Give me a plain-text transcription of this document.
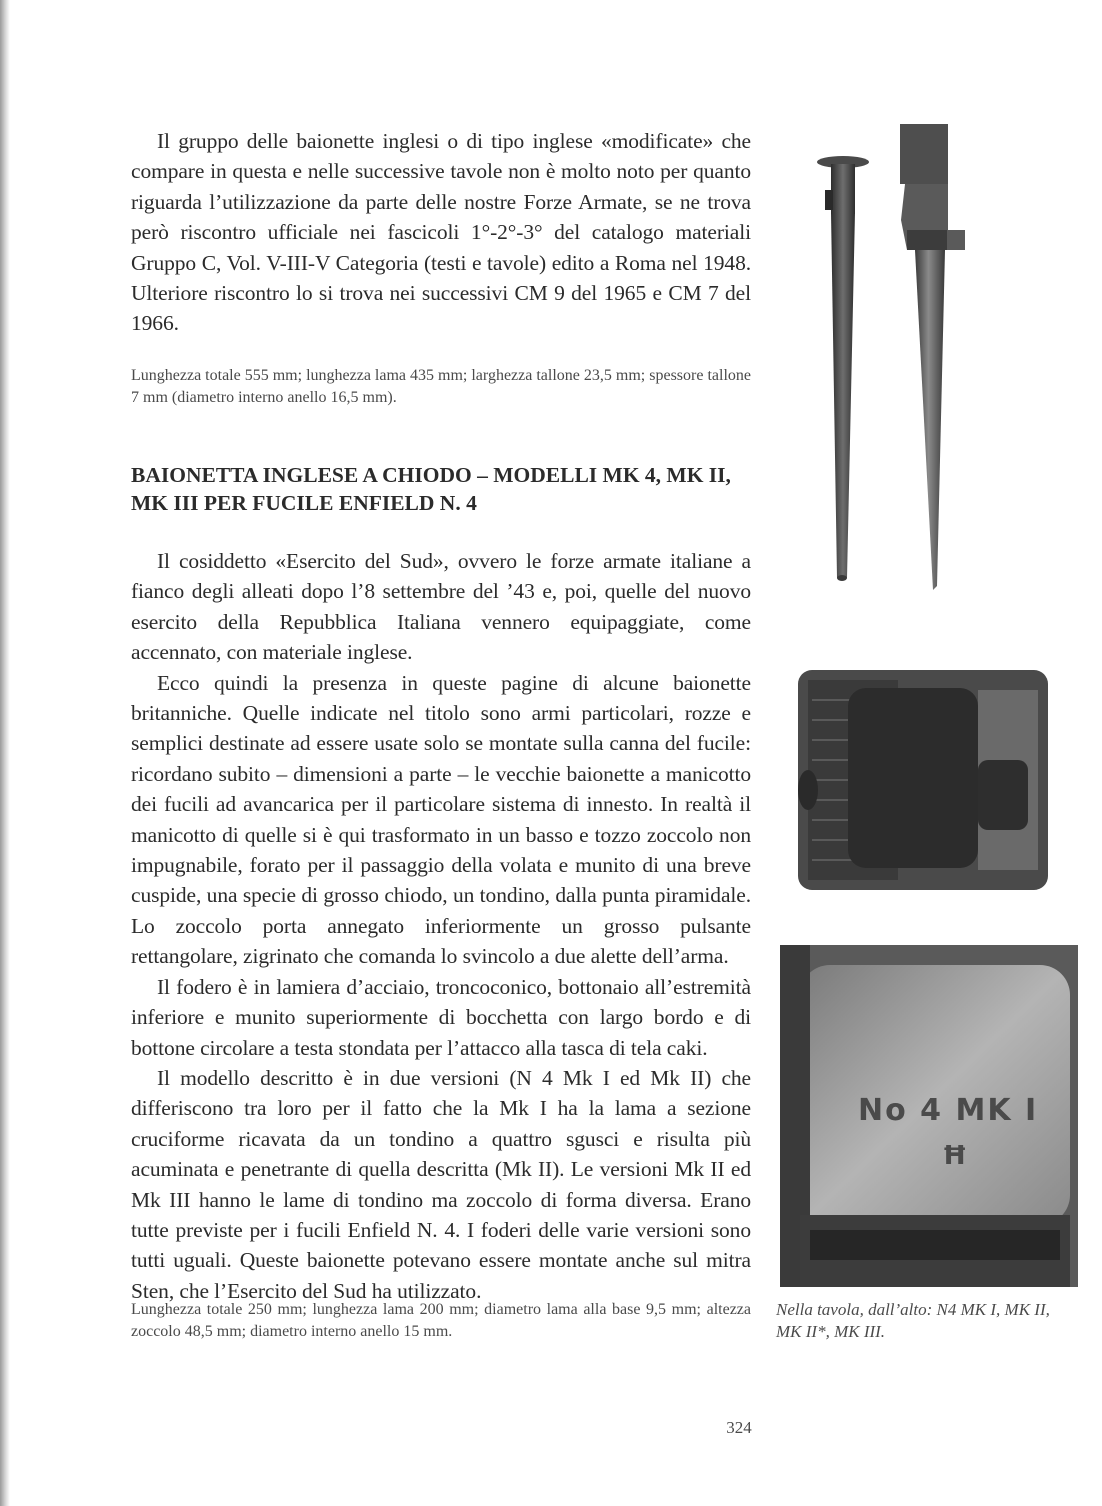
Il gruppo delle baionette inglesi o di tipo inglese «modificate» che compare in questa e nelle successive tavole non è molto noto per quanto riguarda l’utilizzazione da parte delle nostre Forze Armate, se ne trova però riscontro ufficiale nei fascicoli 1°-2°-3° del catalogo materiali Gruppo C, Vol. V-III-V Categoria (testi e tavole) edito a Roma nel 1948. Ulteriore riscontro lo si trova nei successivi CM 9 del 1965 e CM 7 del 1966.

Lunghezza totale 555 mm; lunghezza lama 435 mm; larghezza tallone 23,5 mm; spessore tallone 7 mm (diametro interno anello 16,5 mm).

BAIONETTA INGLESE A CHIODO – MODELLI MK 4, MK II, MK III PER FUCILE ENFIELD N. 4

Il cosiddetto «Esercito del Sud», ovvero le forze armate italiane a fianco degli alleati dopo l’8 settembre del ’43 e, poi, quelle del nuovo esercito della Repubblica Italiana vennero equipaggiate, come accennato, con materiale inglese.

Ecco quindi la presenza in queste pagine di alcune baionette britanniche. Quelle indicate nel titolo sono armi particolari, rozze e semplici destinate ad essere usate solo se montate sulla canna del fucile: ricordano subito – dimensioni a parte – le vecchie baionette a manicotto dei fucili ad avancarica per il particolare sistema di innesto. In realtà il manicotto di quelle si è qui trasformato in un basso e tozzo zoccolo non impugnabile, forato per il passaggio della volata e munito di una breve cuspide, una specie di grosso chiodo, un tondino, dalla punta piramidale. Lo zoccolo porta annegato inferiormente un grosso pulsante rettangolare, zigrinato che comanda lo svincolo a due alette dell’arma.

Il fodero è in lamiera d’acciaio, troncoconico, bottonaio all’estremità inferiore e munito superiormente di bocchetta con largo bordo e di bottone circolare a testa stondata per l’attacco alla tasca di tela caki.

Il modello descritto è in due versioni (N 4 Mk I ed Mk II) che differiscono tra loro per il fatto che la Mk I ha la lama a sezione cruciforme ricavata da un tondino a quattro sgusci e risulta più acuminata e penetrante di quella descritta (Mk II). Le versioni Mk II ed Mk III hanno le lame di tondino ma zoccolo di forma diversa. Erano tutte previste per i fucili Enfield N. 4. I foderi delle varie versioni sono tutti uguali. Queste baionette potevano essere montate anche sul mitra Sten, che l’Esercito del Sud ha utilizzato.

Lunghezza totale 250 mm; lunghezza lama 200 mm; diametro lama alla base 9,5 mm; altezza zoccolo 48,5 mm; diametro interno anello 15 mm.

Nella tavola, dall’alto: N4 MK I, MK II, MK II*, MK III.

324
No 4 MK I
Ħ
